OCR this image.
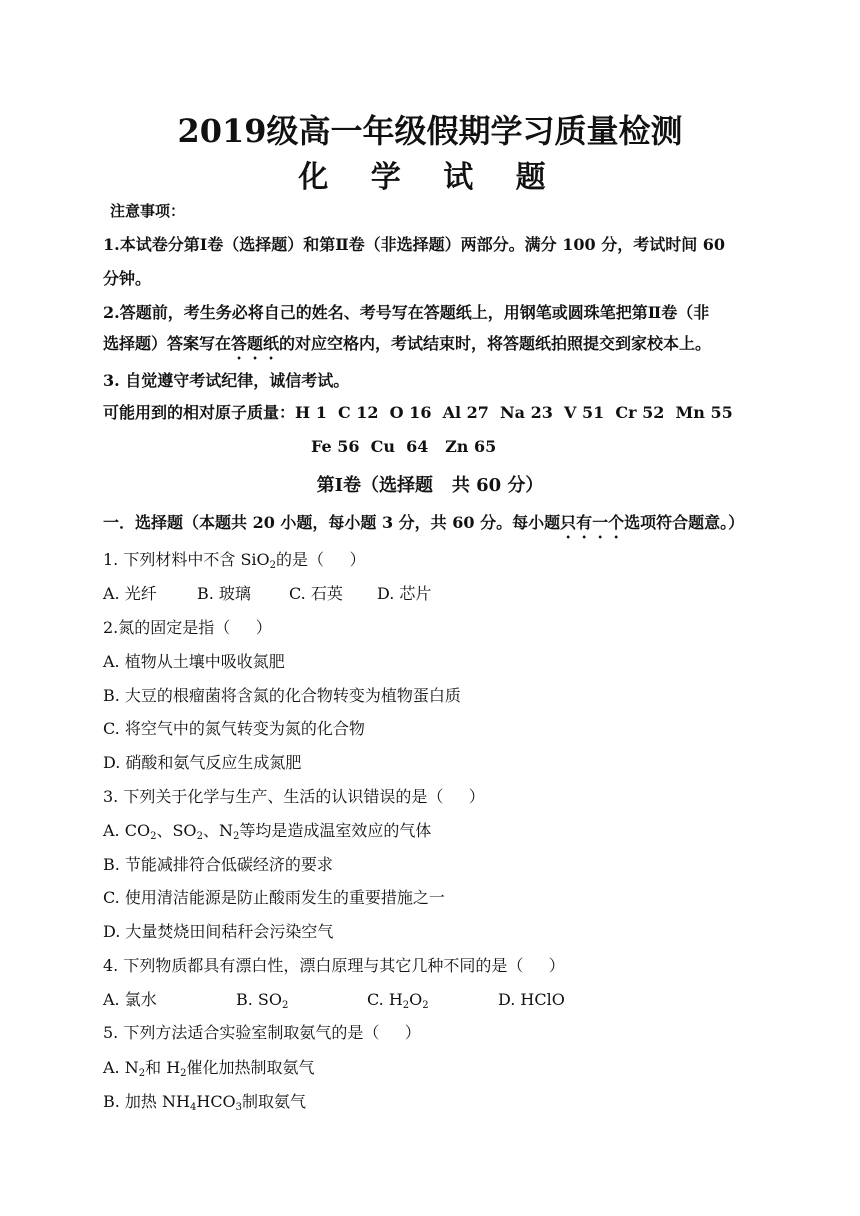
2019级高一年级假期学习质量检测
化 学 试 题
注意事项：
1.本试卷分第Ⅰ卷（选择题）和第Ⅱ卷（非选择题）两部分。满分 100 分，考试时间 60
分钟。
2.答题前，考生务必将自己的姓名、考号写在答题纸上，用钢笔或圆珠笔把第Ⅱ卷（非
选择题）答案写在答题纸的对应空格内，考试结束时，将答题纸拍照提交到家校本上。
3. 自觉遵守考试纪律，诚信考试。
可能用到的相对原子质量：H 1  C 12  O 16  Al 27  Na 23  V 51  Cr 52  Mn 55
Fe 56  Cu  64   Zn 65
第Ⅰ卷（选择题   共 60 分）
一．选择题（本题共 20 小题，每小题 3 分，共 60 分。每小题只有一个选项符合题意。）
1. 下列材料中不含 SiO$_2$的是（     ）
A. 光纤	B. 玻璃 C. 石英 D. 芯片
2.氮的固定是指（     ）
A. 植物从土壤中吸收氮肥
B. 大豆的根瘤菌将含氮的化合物转变为植物蛋白质
C. 将空气中的氮气转变为氮的化合物
D. 硝酸和氨气反应生成氮肥
3. 下列关于化学与生产、生活的认识错误的是（     ）
A. $CO_2$、$SO_2$、$N_2$等均是造成温室效应的气体
B. 节能减排符合低碳经济的要求
C. 使用清洁能源是防止酸雨发生的重要措施之一
D. 大量焚烧田间秸秆会污染空气
4. 下列物质都具有漂白性，漂白原理与其它几种不同的是（     ）
A. 氯水	B. $SO_2$	C. $H_2O_2$	D. HClO
5. 下列方法适合实验室制取氨气的是（     ）
A. $N_2$和 $H_2$催化加热制取氨气
B. 加热 $NH_4HCO_3$制取氨气
